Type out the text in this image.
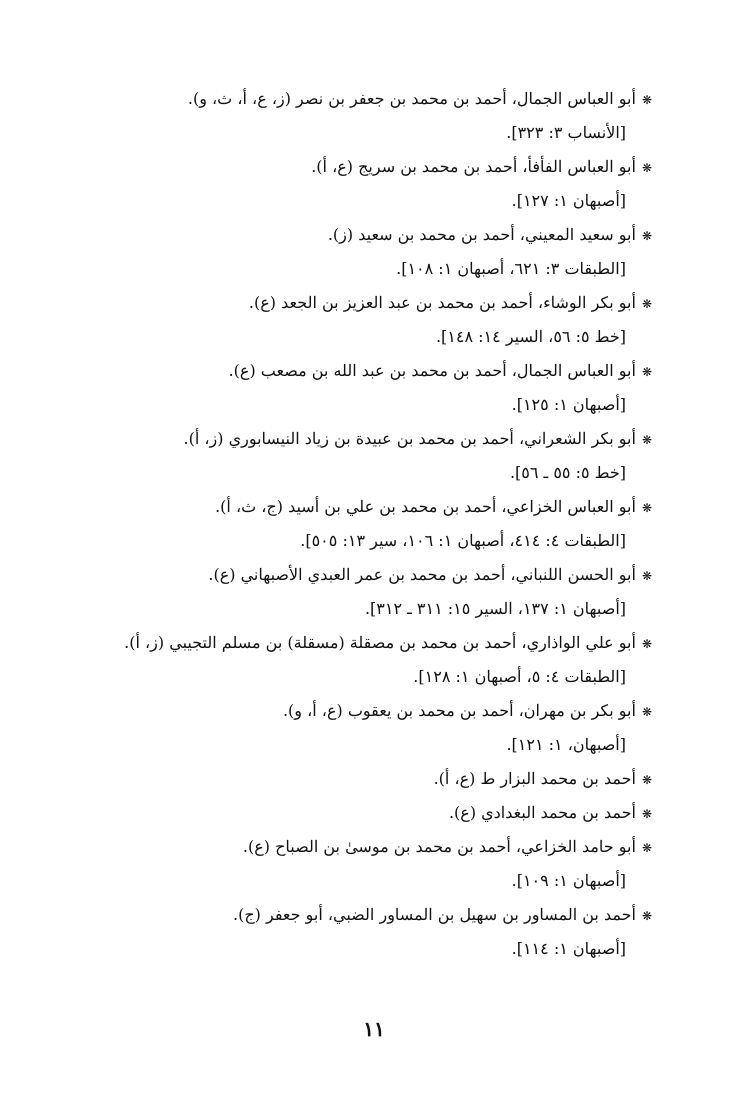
❋أبو العباس الجمال، أحمد بن محمد بن جعفر بن نصر (ز، ع، أ، ث، و).
[الأنساب ٣: ٣٢٣].
❋أبو العباس الفأفأ، أحمد بن محمد بن سريج (ع، أ).
[أصبهان ١: ١٢٧].
❋أبو سعيد المعيني، أحمد بن محمد بن سعيد (ز).
[الطبقات ٣: ٦٢١، أصبهان ١: ١٠٨].
❋أبو بكر الوشاء، أحمد بن محمد بن عبد العزيز بن الجعد (ع).
[خط ٥: ٥٦، السير ١٤: ١٤٨].
❋أبو العباس الجمال، أحمد بن محمد بن عبد الله بن مصعب (ع).
[أصبهان ١: ١٢٥].
❋أبو بكر الشعراني، أحمد بن محمد بن عبيدة بن زياد النيسابوري (ز، أ).
[خط ٥: ٥٥ ـ ٥٦].
❋أبو العباس الخزاعي، أحمد بن محمد بن علي بن أسيد (ج، ث، أ).
[الطبقات ٤: ٤١٤، أصبهان ١: ١٠٦، سير ١٣: ٥٠٥].
❋أبو الحسن اللنباني، أحمد بن محمد بن عمر العبدي الأصبهاني (ع).
[أصبهان ١: ١٣٧، السير ١٥: ٣١١ ـ ٣١٢].
❋أبو علي الواذاري، أحمد بن محمد بن مصقلة (مسقلة) بن مسلم التجيبي (ز، أ).
[الطبقات ٤: ٥، أصبهان ١: ١٢٨].
❋أبو بكر بن مهران، أحمد بن محمد بن يعقوب (ع، أ، و).
[أصبهان، ١: ١٢١].
❋أحمد بن محمد البزار ط (ع، أ).
❋أحمد بن محمد البغدادي (ع).
❋أبو حامد الخزاعي، أحمد بن محمد بن موسىٰ بن الصباح (ع).
[أصبهان ١: ١٠٩].
❋أحمد بن المساور بن سهيل بن المساور الضبي، أبو جعفر (ج).
[أصبهان ١: ١١٤].
١١
